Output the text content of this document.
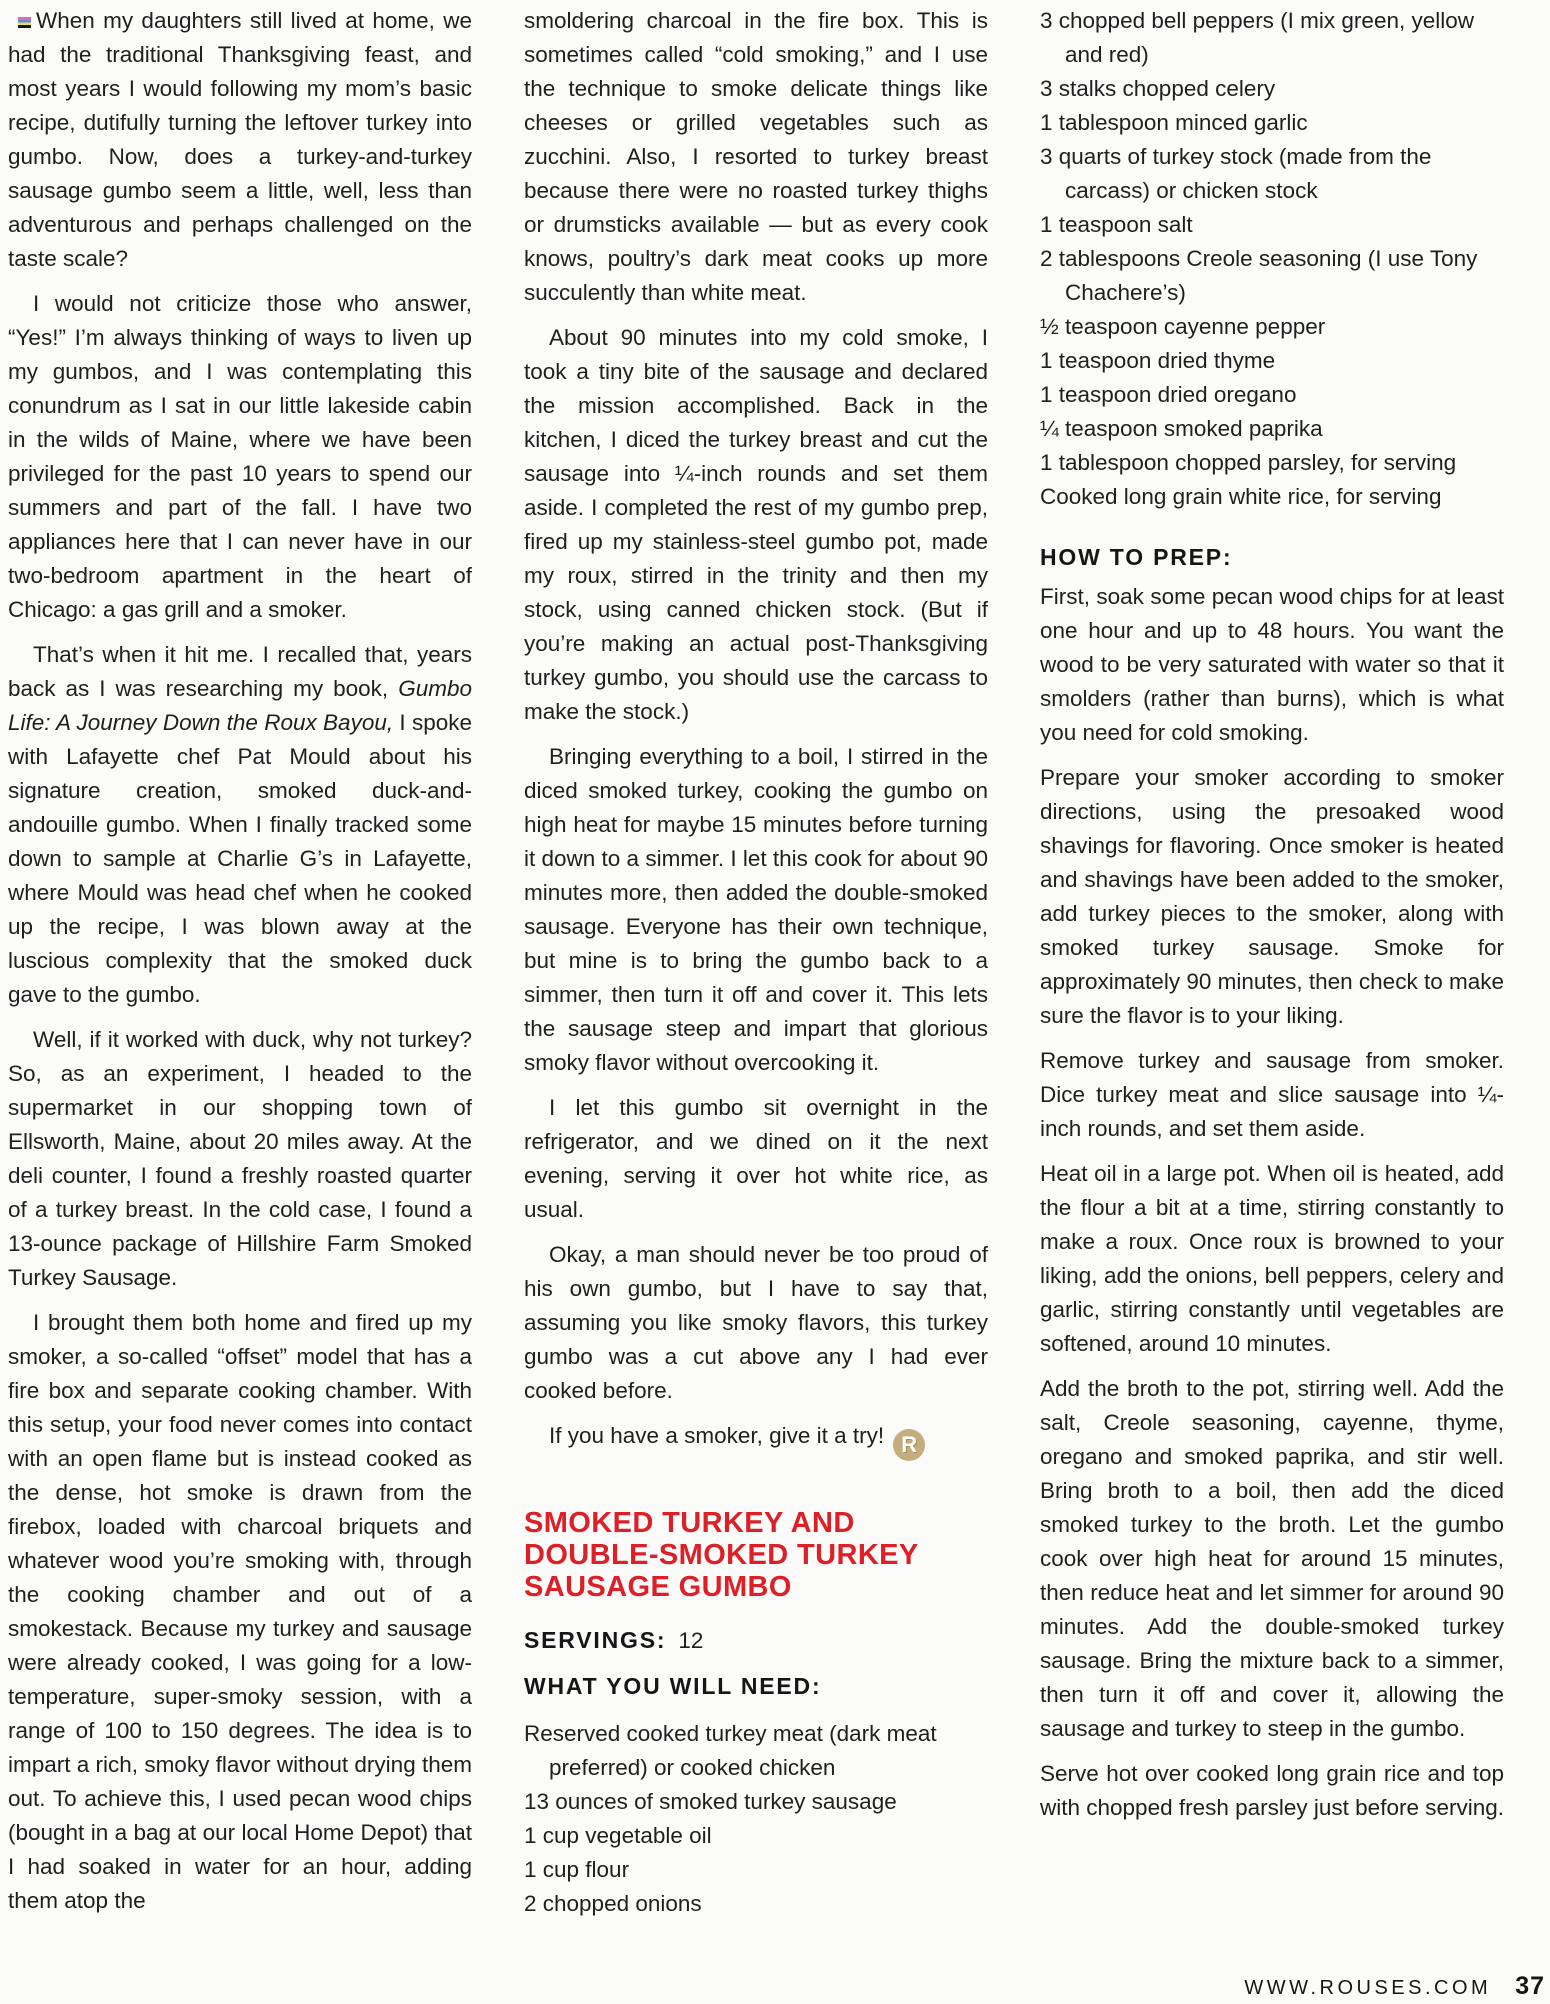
When my daughters still lived at home, we had the traditional Thanksgiving feast, and most years I would following my mom’s basic recipe, dutifully turning the leftover turkey into gumbo. Now, does a turkey-and-turkey sausage gumbo seem a little, well, less than adventurous and perhaps challenged on the taste scale?

I would not criticize those who answer, “Yes!” I’m always thinking of ways to liven up my gumbos, and I was contemplating this conundrum as I sat in our little lakeside cabin in the wilds of Maine, where we have been privileged for the past 10 years to spend our summers and part of the fall. I have two appliances here that I can never have in our two-bedroom apartment in the heart of Chicago: a gas grill and a smoker.

That’s when it hit me. I recalled that, years back as I was researching my book, Gumbo Life: A Journey Down the Roux Bayou, I spoke with Lafayette chef Pat Mould about his signature creation, smoked duck-and-andouille gumbo. When I finally tracked some down to sample at Charlie G’s in Lafayette, where Mould was head chef when he cooked up the recipe, I was blown away at the luscious complexity that the smoked duck gave to the gumbo.

Well, if it worked with duck, why not turkey? So, as an experiment, I headed to the supermarket in our shopping town of Ellsworth, Maine, about 20 miles away. At the deli counter, I found a freshly roasted quarter of a turkey breast. In the cold case, I found a 13-ounce package of Hillshire Farm Smoked Turkey Sausage.

I brought them both home and fired up my smoker, a so-called “offset” model that has a fire box and separate cooking chamber. With this setup, your food never comes into contact with an open flame but is instead cooked as the dense, hot smoke is drawn from the firebox, loaded with charcoal briquets and whatever wood you’re smoking with, through the cooking chamber and out of a smokestack. Because my turkey and sausage were already cooked, I was going for a low-temperature, super-smoky session, with a range of 100 to 150 degrees. The idea is to impart a rich, smoky flavor without drying them out. To achieve this, I used pecan wood chips (bought in a bag at our local Home Depot) that I had soaked in water for an hour, adding them atop the

smoldering charcoal in the fire box. This is sometimes called “cold smoking,” and I use the technique to smoke delicate things like cheeses or grilled vegetables such as zucchini. Also, I resorted to turkey breast because there were no roasted turkey thighs or drumsticks available — but as every cook knows, poultry’s dark meat cooks up more succulently than white meat.

About 90 minutes into my cold smoke, I took a tiny bite of the sausage and declared the mission accomplished. Back in the kitchen, I diced the turkey breast and cut the sausage into ¼-inch rounds and set them aside. I completed the rest of my gumbo prep, fired up my stainless-steel gumbo pot, made my roux, stirred in the trinity and then my stock, using canned chicken stock. (But if you’re making an actual post-Thanksgiving turkey gumbo, you should use the carcass to make the stock.)

Bringing everything to a boil, I stirred in the diced smoked turkey, cooking the gumbo on high heat for maybe 15 minutes before turning it down to a simmer. I let this cook for about 90 minutes more, then added the double-smoked sausage. Everyone has their own technique, but mine is to bring the gumbo back to a simmer, then turn it off and cover it. This lets the sausage steep and impart that glorious smoky flavor without overcooking it.

I let this gumbo sit overnight in the refrigerator, and we dined on it the next evening, serving it over hot white rice, as usual.

Okay, a man should never be too proud of his own gumbo, but I have to say that, assuming you like smoky flavors, this turkey gumbo was a cut above any I had ever cooked before.

If you have a smoker, give it a try! R

SMOKED TURKEY AND DOUBLE-SMOKED TURKEY SAUSAGE GUMBO

SERVINGS: 12

WHAT YOU WILL NEED:
Reserved cooked turkey meat (dark meat preferred) or cooked chicken
13 ounces of smoked turkey sausage
1 cup vegetable oil
1 cup flour
2 chopped onions
3 chopped bell peppers (I mix green, yellow and red)
3 stalks chopped celery
1 tablespoon minced garlic
3 quarts of turkey stock (made from the carcass) or chicken stock
1 teaspoon salt
2 tablespoons Creole seasoning (I use Tony Chachere’s)
½ teaspoon cayenne pepper
1 teaspoon dried thyme
1 teaspoon dried oregano
¼ teaspoon smoked paprika
1 tablespoon chopped parsley, for serving
Cooked long grain white rice, for serving
HOW TO PREP:

First, soak some pecan wood chips for at least one hour and up to 48 hours. You want the wood to be very saturated with water so that it smolders (rather than burns), which is what you need for cold smoking.

Prepare your smoker according to smoker directions, using the presoaked wood shavings for flavoring. Once smoker is heated and shavings have been added to the smoker, add turkey pieces to the smoker, along with smoked turkey sausage. Smoke for approximately 90 minutes, then check to make sure the flavor is to your liking.

Remove turkey and sausage from smoker. Dice turkey meat and slice sausage into ¼-inch rounds, and set them aside.

Heat oil in a large pot. When oil is heated, add the flour a bit at a time, stirring constantly to make a roux. Once roux is browned to your liking, add the onions, bell peppers, celery and garlic, stirring constantly until vegetables are softened, around 10 minutes.

Add the broth to the pot, stirring well. Add the salt, Creole seasoning, cayenne, thyme, oregano and smoked paprika, and stir well. Bring broth to a boil, then add the diced smoked turkey to the broth. Let the gumbo cook over high heat for around 15 minutes, then reduce heat and let simmer for around 90 minutes. Add the double-smoked turkey sausage. Bring the mixture back to a simmer, then turn it off and cover it, allowing the sausage and turkey to steep in the gumbo.

Serve hot over cooked long grain rice and top with chopped fresh parsley just before serving.

WWW.ROUSES.COM 37
